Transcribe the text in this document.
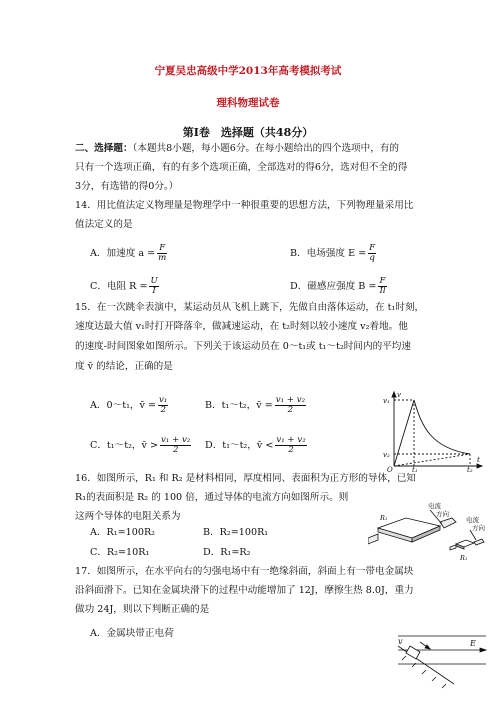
宁夏吴忠高级中学2013年高考模拟考试
理科物理试卷
第Ⅰ卷　选择题（共48分）
二、选择题：（本题共8小题，每小题6分。在每小题给出的四个选项中，有的
只有一个选项正确，有的有多个选项正确，全部选对的得6分，选对但不全的得
3分，有选错的得0分。）
14．用比值法定义物理量是物理学中一种很重要的思想方法，下列物理量采用比
值法定义的是
A．加速度 $a = \frac{F}{m}$	B．电场强度 $E = \frac{F}{q}$
C．电阻 $R = \frac{U}{I}$	D．磁感应强度 $B = \frac{F}{Il}$
15．在一次跳伞表演中，某运动员从飞机上跳下，先做自由落体运动，在 t₁时刻，
速度达最大值 v₁时打开降落伞，做减速运动，在 t₂时刻以较小速度 v₂着地。他
的速度-时间图象如图所示。下列关于该运动员在 0～t₁或 t₁～t₂时间内的平均速
度 v̄ 的结论，正确的是
A．0～t₁，v̄ = $\frac{\text{v₁}}{2}$	B．t₁～t₂，v̄ = $\frac{\text{v₁ + v₂}}{2}$
C．t₁～t₂，v̄ > $\frac{\text{v₁ + v₂}}{2}$ D．t₁～t₂，v̄ < $\frac{\text{v₁ + v₂}}{2}$
v
t
v₁
v₂
O	t₁	t₂
16．如图所示，R₁ 和 R₂ 是材料相同，厚度相同、表面积为正方形的导体，已知
R₁的表面积是 R₂ 的 100 倍，通过导体的电流方向如图所示。则
这两个导体的电阻关系为
A．R₁=100R₂	B．R₂=100R₁
C．R₂=10R₁	D．R₁=R₂
R₁
R₁
电流
方向
电流
方向
17．如图所示，在水平向右的匀强电场中有一绝缘斜面，斜面上有一带电金属块
沿斜面滑下。已知在金属块滑下的过程中动能增加了 12J，摩擦生热 8.0J，重力
做功 24J，则以下判断正确的是
A．金属块带正电荷
E
v
